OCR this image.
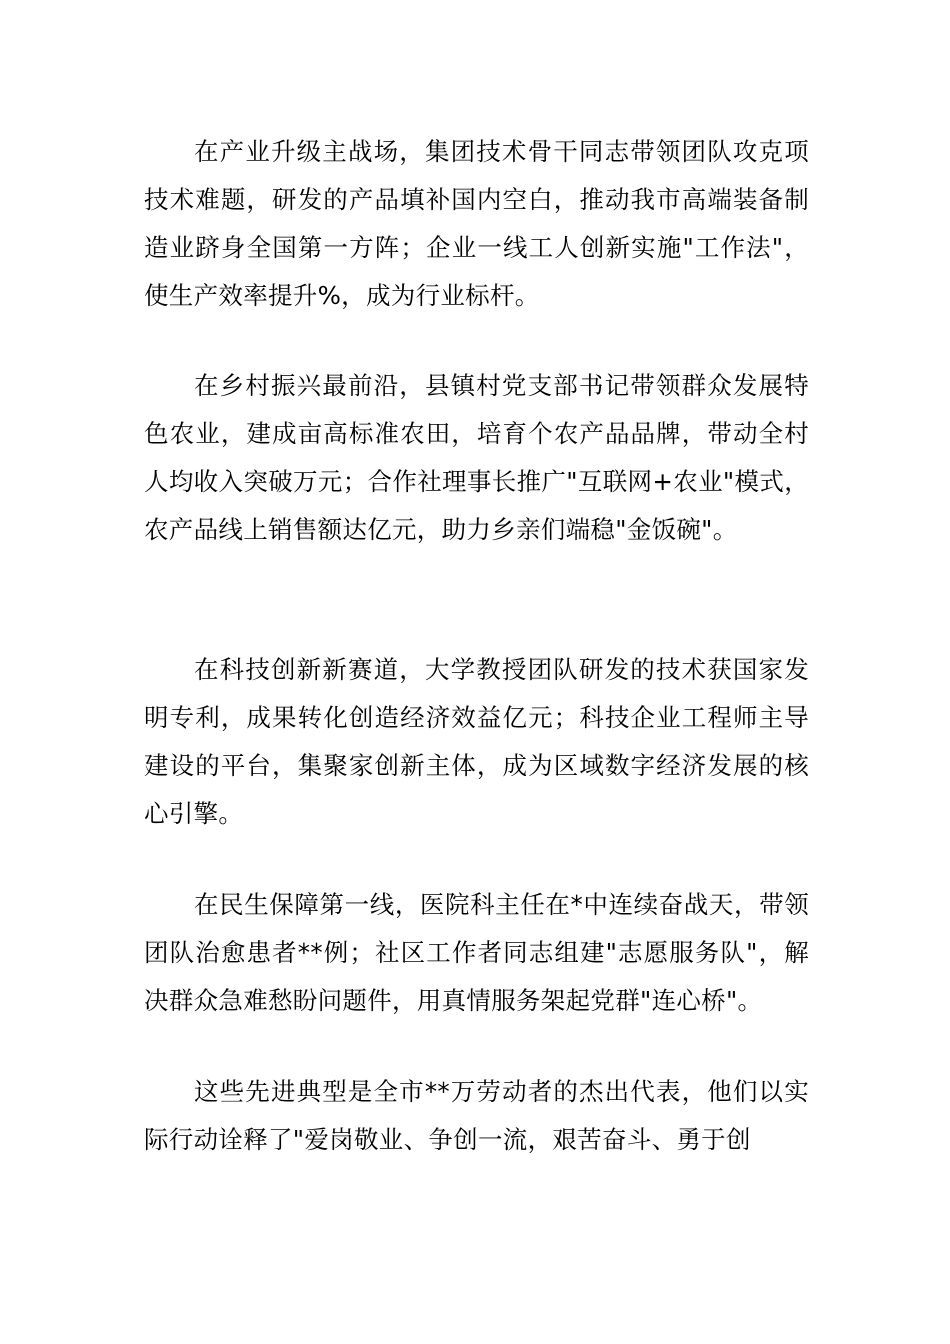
在产业升级主战场，集团技术骨干同志带领团队攻克项技术难题，研发的产品填补国内空白，推动我市高端装备制造业跻身全国第一方阵；企业一线工人创新实施"工作法"，使生产效率提升%，成为行业标杆。

在乡村振兴最前沿，县镇村党支部书记带领群众发展特色农业，建成亩高标准农田，培育个农产品品牌，带动全村人均收入突破万元；合作社理事长推广"互联网+农业"模式，农产品线上销售额达亿元，助力乡亲们端稳"金饭碗"。

在科技创新新赛道，大学教授团队研发的技术获国家发明专利，成果转化创造经济效益亿元；科技企业工程师主导建设的平台，集聚家创新主体，成为区域数字经济发展的核心引擎。

在民生保障第一线，医院科主任在*中连续奋战天，带领团队治愈患者**例；社区工作者同志组建"志愿服务队"，解决群众急难愁盼问题件，用真情服务架起党群"连心桥"。

这些先进典型是全市**万劳动者的杰出代表，他们以实际行动诠释了"爱岗敬业、争创一流，艰苦奋斗、勇于创
